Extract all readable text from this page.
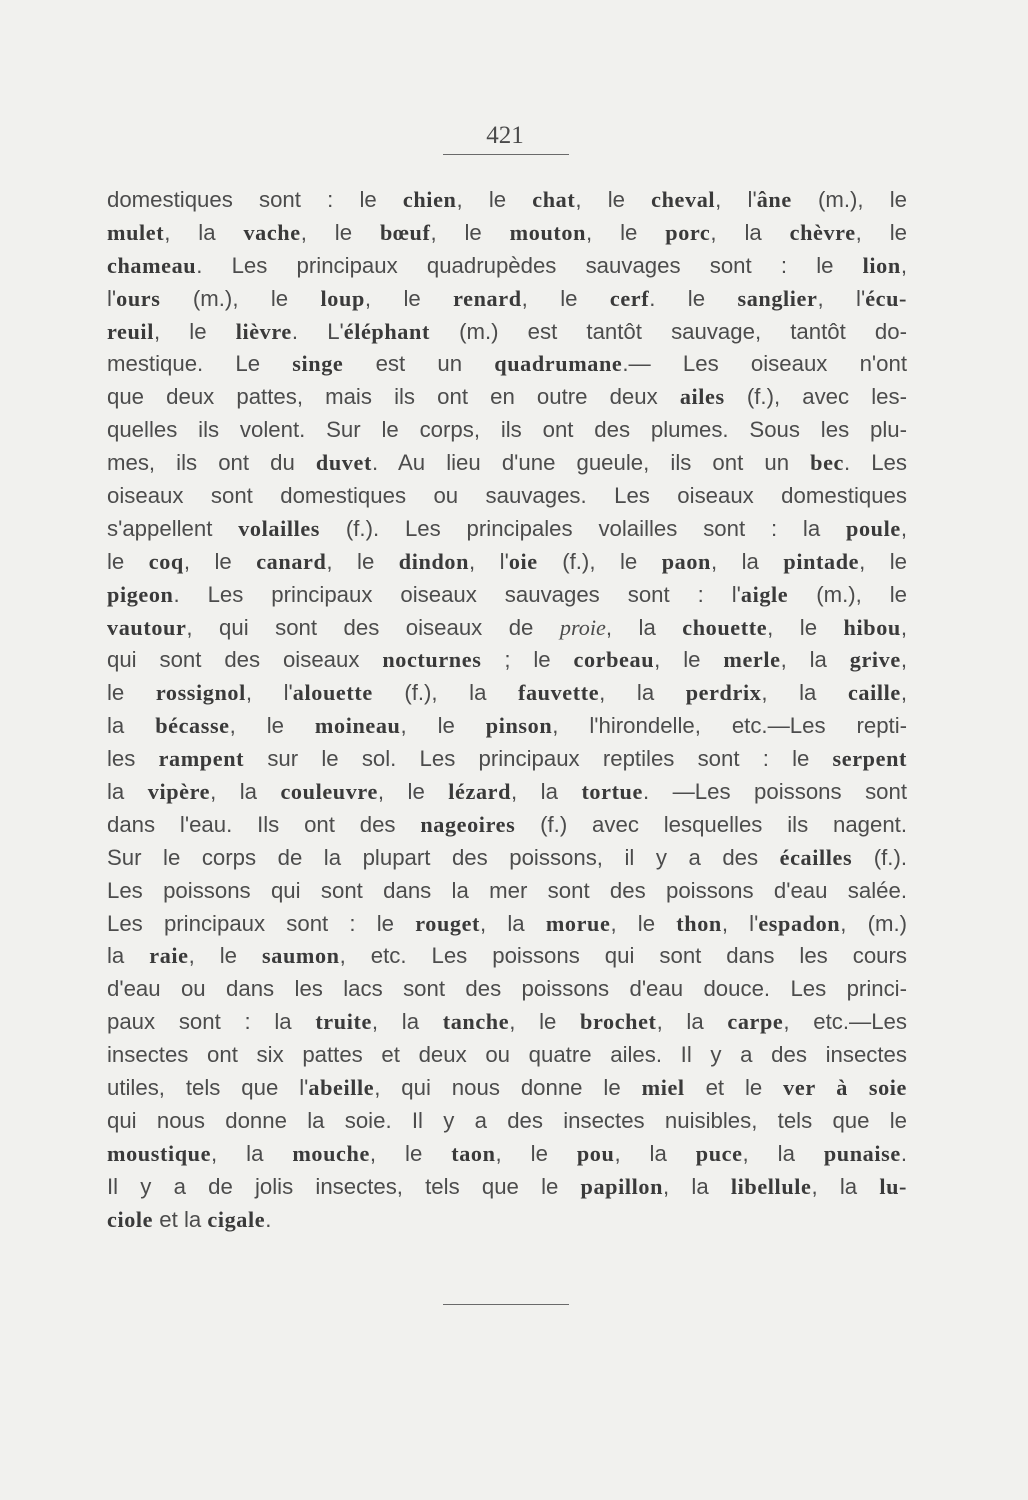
421
domestiques sont : le chien, le chat, le cheval, l'âne (m.), le
mulet, la vache, le bœuf, le mouton, le porc, la chèvre, le
chameau. Les principaux quadrupèdes sauvages sont : le lion,
l'ours (m.), le loup, le renard, le cerf. le sanglier, l'écu-
reuil, le lièvre. L'éléphant (m.) est tantôt sauvage, tantôt do-
mestique. Le singe est un quadrumane.— Les oiseaux n'ont
que deux pattes, mais ils ont en outre deux ailes (f.), avec les-
quelles ils volent. Sur le corps, ils ont des plumes. Sous les plu-
mes, ils ont du duvet. Au lieu d'une gueule, ils ont un bec. Les
oiseaux sont domestiques ou sauvages. Les oiseaux domestiques
s'appellent volailles (f.). Les principales volailles sont : la poule,
le coq, le canard, le dindon, l'oie (f.), le paon, la pintade, le
pigeon. Les principaux oiseaux sauvages sont : l'aigle (m.), le
vautour, qui sont des oiseaux de proie, la chouette, le hibou,
qui sont des oiseaux nocturnes ; le corbeau, le merle, la grive,
le rossignol, l'alouette (f.), la fauvette, la perdrix, la caille,
la bécasse, le moineau, le pinson, l'hirondelle, etc.—Les repti-
les rampent sur le sol. Les principaux reptiles sont : le serpent
la vipère, la couleuvre, le lézard, la tortue. —Les poissons sont
dans l'eau. Ils ont des nageoires (f.) avec lesquelles ils nagent.
Sur le corps de la plupart des poissons, il y a des écailles (f.).
Les poissons qui sont dans la mer sont des poissons d'eau salée.
Les principaux sont : le rouget, la morue, le thon, l'espadon, (m.)
la raie, le saumon, etc. Les poissons qui sont dans les cours
d'eau ou dans les lacs sont des poissons d'eau douce. Les princi-
paux sont : la truite, la tanche, le brochet, la carpe, etc.—Les
insectes ont six pattes et deux ou quatre ailes. Il y a des insectes
utiles, tels que l'abeille, qui nous donne le miel et le ver à soie
qui nous donne la soie. Il y a des insectes nuisibles, tels que le
moustique, la mouche, le taon, le pou, la puce, la punaise.
Il y a de jolis insectes, tels que le papillon, la libellule, la lu-
ciole et la cigale.
